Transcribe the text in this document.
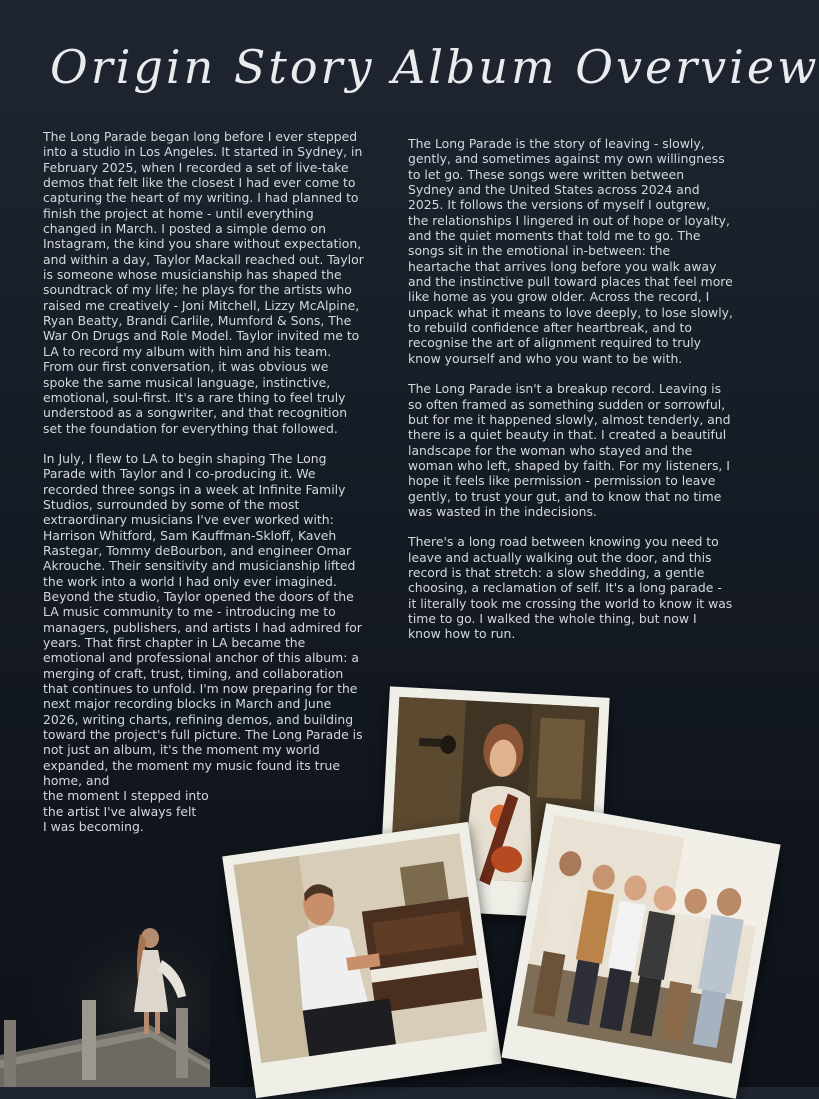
Origin Story Album Overview

The Long Parade began long before I ever stepped into a studio in Los Angeles. It started in Sydney, in February 2025, when I recorded a set of live-take demos that felt like the closest I had ever come to capturing the heart of my writing. I had planned to finish the project at home - until everything changed in March. I posted a simple demo on Instagram, the kind you share without expectation, and within a day, Taylor Mackall reached out. Taylor is someone whose musicianship has shaped the soundtrack of my life; he plays for the artists who raised me creatively - Joni Mitchell, Lizzy McAlpine, Ryan Beatty, Brandi Carlile, Mumford & Sons, The War On Drugs and Role Model. Taylor invited me to LA to record my album with him and his team. From our first conversation, it was obvious we spoke the same musical language, instinctive, emotional, soul-first. It's a rare thing to feel truly understood as a songwriter, and that recognition set the foundation for everything that followed.

In July, I flew to LA to begin shaping The Long Parade with Taylor and I co-producing it. We recorded three songs in a week at Infinite Family Studios, surrounded by some of the most extraordinary musicians I've ever worked with: Harrison Whitford, Sam Kauffman-Skloff, Kaveh Rastegar, Tommy deBourbon, and engineer Omar Akrouche. Their sensitivity and musicianship lifted the work into a world I had only ever imagined. Beyond the studio, Taylor opened the doors of the LA music community to me - introducing me to managers, publishers, and artists I had admired for years. That first chapter in LA became the emotional and professional anchor of this album: a merging of craft, trust, timing, and collaboration that continues to unfold. I'm now preparing for the next major recording blocks in March and June 2026, writing charts, refining demos, and building toward the project's full picture. The Long Parade is not just an album, it's the moment my world expanded, the moment my music found its true home, and

the moment I stepped into
the artist I've always felt
I was becoming.

The Long Parade is the story of leaving - slowly, gently, and sometimes against my own willingness to let go. These songs were written between Sydney and the United States across 2024 and 2025. It follows the versions of myself I outgrew, the relationships I lingered in out of hope or loyalty, and the quiet moments that told me to go. The songs sit in the emotional in-between: the heartache that arrives long before you walk away and the instinctive pull toward places that feel more like home as you grow older. Across the record, I unpack what it means to love deeply, to lose slowly, to rebuild confidence after heartbreak, and to recognise the art of alignment required to truly know yourself and who you want to be with.

The Long Parade isn't a breakup record. Leaving is so often framed as something sudden or sorrowful, but for me it happened slowly, almost tenderly, and there is a quiet beauty in that. I created a beautiful landscape for the woman who stayed and the woman who left, shaped by faith. For my listeners, I hope it feels like permission - permission to leave gently, to trust your gut, and to know that no time was wasted in the indecisions.

There's a long road between knowing you need to leave and actually walking out the door, and this record is that stretch: a slow shedding, a gentle choosing, a reclamation of self. It's a long parade - it literally took me crossing the world to know it was time to go. I walked the whole thing, but now I know how to run.
